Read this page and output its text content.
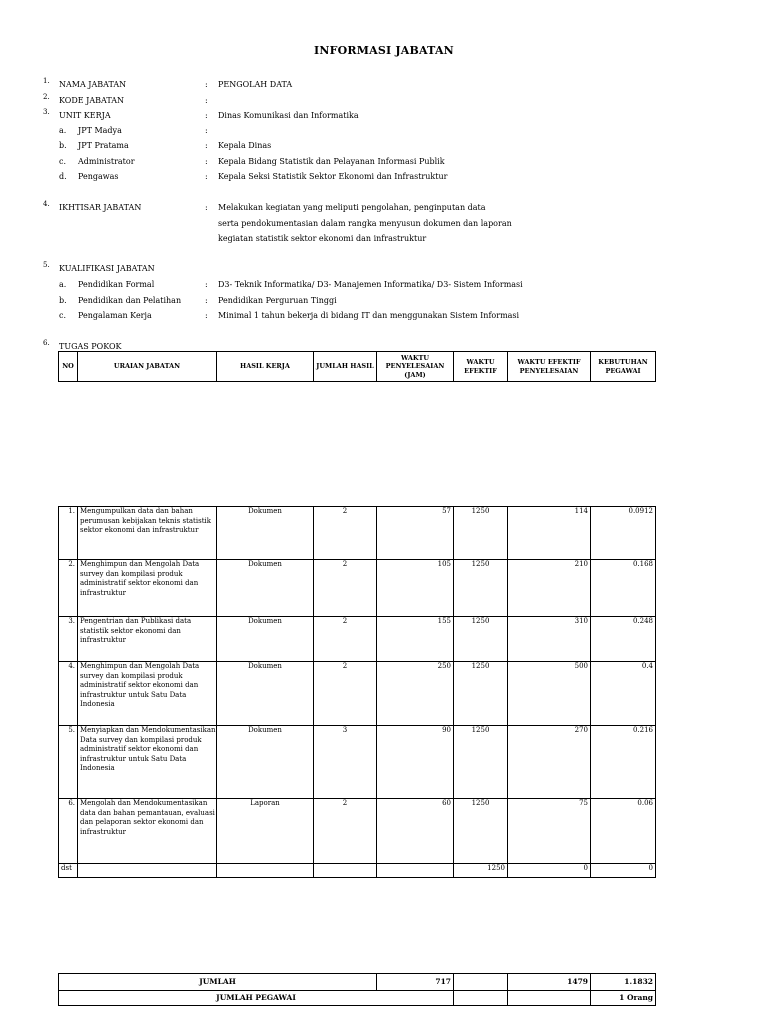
INFORMASI JABATAN
1. NAMA JABATAN	: PENGOLAH DATA
2. KODE JABATAN	:
3. UNIT KERJA	: Dinas Komunikasi dan Informatika
a. JPT Madya	:
b. JPT Pratama	: Kepala Dinas
c. Administrator	: Kepala Bidang Statistik dan Pelayanan Informasi Publik
d. Pengawas	: Kepala Seksi Statistik Sektor Ekonomi dan Infrastruktur
4. IKHTISAR JABATAN	: Melakukan kegiatan yang meliputi pengolahan, penginputan data
serta pendokumentasian dalam rangka menyusun dokumen dan laporan
kegiatan statistik sektor ekonomi dan infrastruktur
5. KUALIFIKASI JABATAN
a. Pendidikan Formal	: D3- Teknik Informatika/ D3- Manajemen Informatika/ D3- Sistem Informasi
b. Pendidikan dan Pelatihan	: Pendidikan Perguruan Tinggi
c. Pengalaman Kerja	: Minimal 1 tahun bekerja di bidang IT dan menggunakan Sistem Informasi
6. TUGAS POKOK
NO	URAIAN JABATAN	HASIL KERJA	JUMLAH HASIL	WAKTU PENYELESAIAN (JAM)	WAKTU EFEKTIF	WAKTU EFEKTIF PENYELESAIAN	KEBUTUHAN PEGAWAI
1.	Mengumpulkan data dan bahan perumusan kebijakan teknis statistik sektor ekonomi dan infrastruktur	Dokumen	2	57	1250	114	0.0912
2.	Menghimpun dan Mengolah Data survey dan kompilasi produk administratif sektor ekonomi dan infrastruktur	Dokumen	2	105	1250	210	0.168
3.	Pengentrian dan Publikasi data statistik sektor ekonomi dan infrastruktur	Dokumen	2	155	1250	310	0.248
4.	Menghimpun dan Mengolah Data survey dan kompilasi produk administratif sektor ekonomi dan infrastruktur untuk Satu Data Indonesia	Dokumen	2	250	1250	500	0.4
5.	Menyiapkan dan Mendokumentasikan Data survey dan kompilasi produk administratif sektor ekonomi dan infrastruktur untuk Satu Data Indonesia	Dokumen	3	90	1250	270	0.216
6.	Mengolah dan Mendokumentasikan data dan bahan pemantauan, evaluasi dan pelaporan sektor ekonomi dan infrastruktur	Laporan	2	60	1250	75	0.06
dst					1250	0	0
JUMLAH	717		1479	1.1832
JUMLAH PEGAWAI				1 Orang
